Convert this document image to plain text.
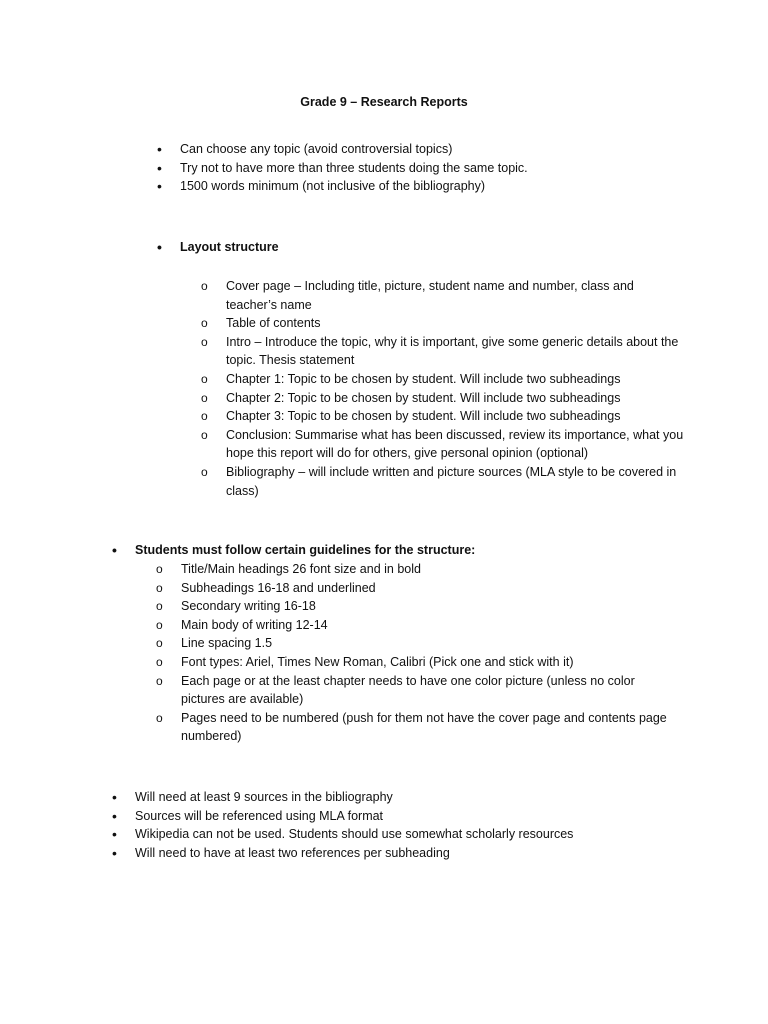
Grade 9 – Research Reports
• Can choose any topic (avoid controversial topics)
• Try not to have more than three students doing the same topic.
• 1500 words minimum (not inclusive of the bibliography)
• Layout structure
o Cover page – Including title, picture, student name and number, class and teacher’s name
o Table of contents
o Intro – Introduce the topic, why it is important, give some generic details about the topic. Thesis statement
o Chapter 1: Topic to be chosen by student. Will include two subheadings
o Chapter 2: Topic to be chosen by student. Will include two subheadings
o Chapter 3: Topic to be chosen by student. Will include two subheadings
o Conclusion: Summarise what has been discussed, review its importance, what you hope this report will do for others, give personal opinion (optional)
o Bibliography – will include written and picture sources (MLA style to be covered in class)
• Students must follow certain guidelines for the structure:
o Title/Main headings 26 font size and in bold
o Subheadings 16-18 and underlined
o Secondary writing 16-18
o Main body of writing 12-14
o Line spacing 1.5
o Font types: Ariel, Times New Roman, Calibri (Pick one and stick with it)
o Each page or at the least chapter needs to have one color picture (unless no color pictures are available)
o Pages need to be numbered (push for them not have the cover page and contents page numbered)
• Will need at least 9 sources in the bibliography
• Sources will be referenced using MLA format
• Wikipedia can not be used. Students should use somewhat scholarly resources
• Will need to have at least two references per subheading
